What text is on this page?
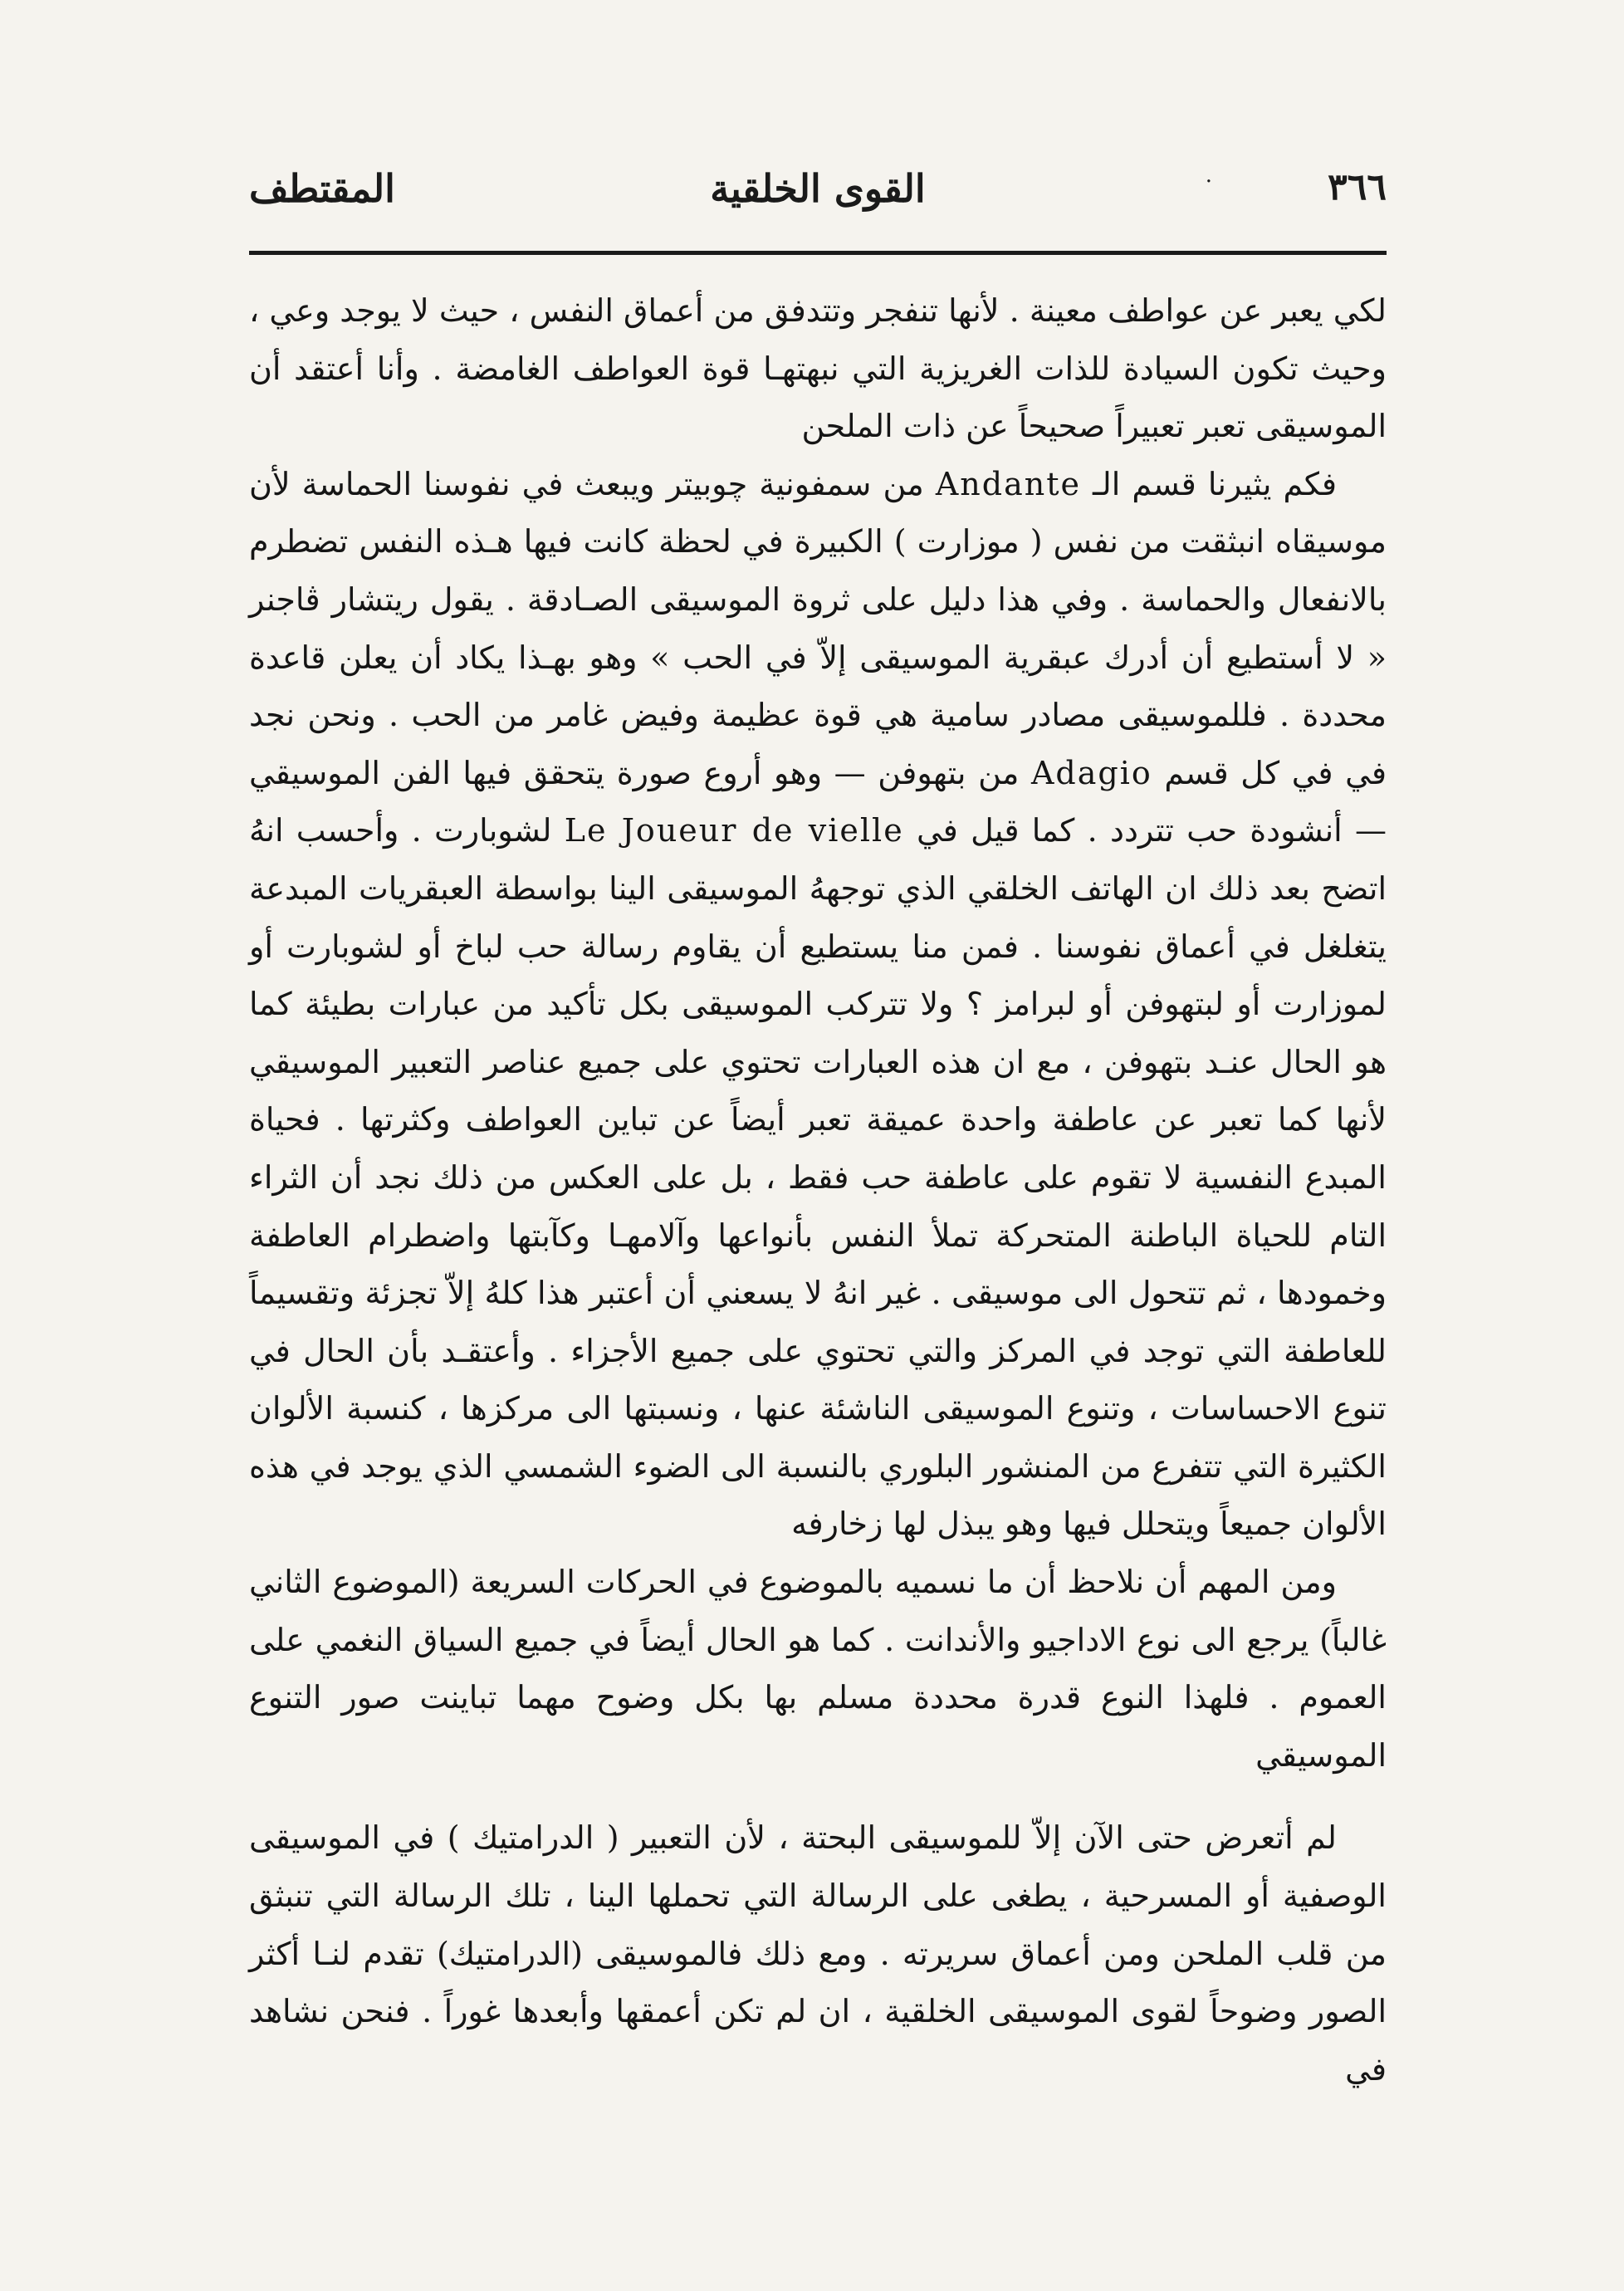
٣٦٦
·
القوى الخلقية
المقتطف

لكي يعبر عن عواطف معينة . لأنها تنفجر وتتدفق من أعماق النفس ، حيث لا يوجد وعي ، وحيث تكون السيادة للذات الغريزية التي نبهتهـا قوة العواطف الغامضة . وأنا أعتقد أن الموسيقى تعبر تعبيراً صحيحاً عن ذات الملحن

فكم يثيرنا قسم الـ Andante من سمفونية چوبيتر ويبعث في نفوسنا الحماسة لأن موسيقاه انبثقت من نفس ( موزارت ) الكبيرة في لحظة كانت فيها هـذه النفس تضطرم بالانفعال والحماسة . وفي هذا دليل على ثروة الموسيقى الصـادقة . يقول ريتشار ڤاجنر « لا أستطيع أن أدرك عبقرية الموسيقى إلاّ في الحب » وهو بهـذا يكاد أن يعلن قاعدة محددة . فللموسيقى مصادر سامية هي قوة عظيمة وفيض غامر من الحب . ونحن نجد في في كل قسم Adagio من بتهوفن — وهو أروع صورة يتحقق فيها الفن الموسيقي — أنشودة حب تتردد . كما قيل في Le Joueur de vielle لشوبارت . وأحسب انهُ اتضح بعد ذلك ان الهاتف الخلقي الذي توجههُ الموسيقى الينا بواسطة العبقريات المبدعة يتغلغل في أعماق نفوسنا . فمن منا يستطيع أن يقاوم رسالة حب لباخ أو لشوبارت أو لموزارت أو لبتهوفن أو لبرامز ؟ ولا تتركب الموسيقى بكل تأكيد من عبارات بطيئة كما هو الحال عنـد بتهوفن ، مع ان هذه العبارات تحتوي على جميع عناصر التعبير الموسيقي لأنها كما تعبر عن عاطفة واحدة عميقة تعبر أيضاً عن تباين العواطف وكثرتها . فحياة المبدع النفسية لا تقوم على عاطفة حب فقط ، بل على العكس من ذلك نجد أن الثراء التام للحياة الباطنة المتحركة تملأ النفس بأنواعها وآلامهـا وكآبتها واضطرام العاطفة وخمودها ، ثم تتحول الى موسيقى . غير انهُ لا يسعني أن أعتبر هذا كلهُ إلاّ تجزئة وتقسيماً للعاطفة التي توجد في المركز والتي تحتوي على جميع الأجزاء . وأعتقـد بأن الحال في تنوع الاحساسات ، وتنوع الموسيقى الناشئة عنها ، ونسبتها الى مركزها ، كنسبة الألوان الكثيرة التي تتفرع من المنشور البلوري بالنسبة الى الضوء الشمسي الذي يوجد في هذه الألوان جميعاً ويتحلل فيها وهو يبذل لها زخارفه

ومن المهم أن نلاحظ أن ما نسميه بالموضوع في الحركات السريعة (الموضوع الثاني غالباً) يرجع الى نوع الاداجيو والأندانت . كما هو الحال أيضاً في جميع السياق النغمي على العموم . فلهذا النوع قدرة محددة مسلم بها بكل وضوح مهما تباينت صور التنوع الموسيقي

لم أتعرض حتى الآن إلاّ للموسيقى البحتة ، لأن التعبير ( الدرامتيك ) في الموسيقى الوصفية أو المسرحية ، يطغى على الرسالة التي تحملها الينا ، تلك الرسالة التي تنبثق من قلب الملحن ومن أعماق سريرته . ومع ذلك فالموسيقى (الدرامتيك) تقدم لنـا أكثر الصور وضوحاً لقوى الموسيقى الخلقية ، ان لم تكن أعمقها وأبعدها غوراً . فنحن نشاهد في
